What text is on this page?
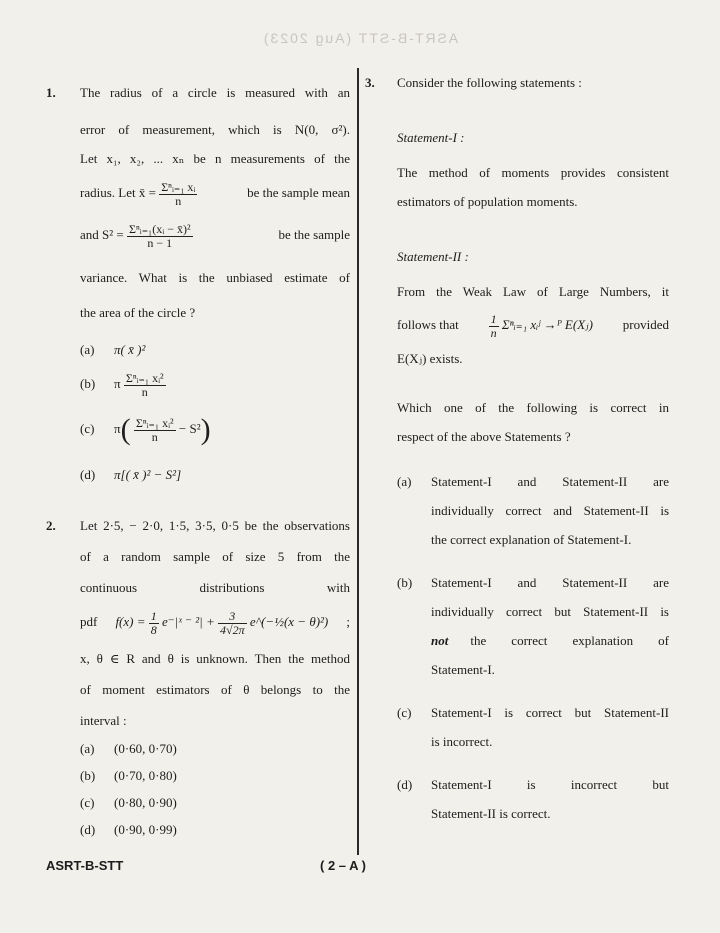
ASRT-B-STT (Aug 2023)
1. The radius of a circle is measured with an
error of measurement, which is N(0, σ²).
Let x₁, x₂, ... xₙ be n measurements of the
radius. Let x̄ = $\frac{\text{Σⁿᵢ₌₁ xᵢ}}{n}$	be the sample mean
and $S^2 = \frac{\text{Σⁿᵢ₌₁(xᵢ − x̄)²}}{n - 1}$	be the sample
variance. What is the unbiased estimate of
the area of the circle ?
(a)	π( x̄ )²
(b)	π $\frac{\text{Σⁿᵢ₌₁ xᵢ²}}{n}$
(c)	$\pi( \frac{\text{Σⁿᵢ₌₁ xᵢ²}}{n} - S^2)$
(d)	π[( x̄ )² − S²]
2. Let 2·5, − 2·0, 1·5, 3·5, 0·5 be the observations
of a random sample of size 5 from the
continuous	distributions	with
pdf $f(x) = \frac{1}{8}$ e⁻|ˣ ⁻ $^2| + \frac{3}{4√2\pi}$ e^(−½(x − θ)²) ;
x, θ ∈ R and θ is unknown. Then the method
of moment estimators of θ belongs to the
interval :
(a)	(0·60, 0·70)
(b)	(0·70, 0·80)
(c)	(0·80, 0·90)
(d)	(0·90, 0·99)
3. Consider the following statements :
Statement-I :
The method of moments provides consistent
estimators of population moments.
Statement-II :
From the Weak Law of Large Numbers, it
follows that $\frac{1}{n}$ Σⁿᵢ₌₁ xᵢʲ →ᴾ E(Xⱼ) provided
E(Xⱼ) exists.
Which one of the following is correct in
respect of the above Statements ?
(a)	Statement-I and Statement-II are
individually correct and Statement-II is
the correct explanation of Statement-I.
(b)	Statement-I and Statement-II are
individually correct but Statement-II is
not	the correct explanation of
Statement-I.
(c)	Statement-I is correct but Statement-II
is incorrect.
(d)	Statement-I is incorrect but
Statement-II is correct.
ASRT-B-STT	( 2 – A )
